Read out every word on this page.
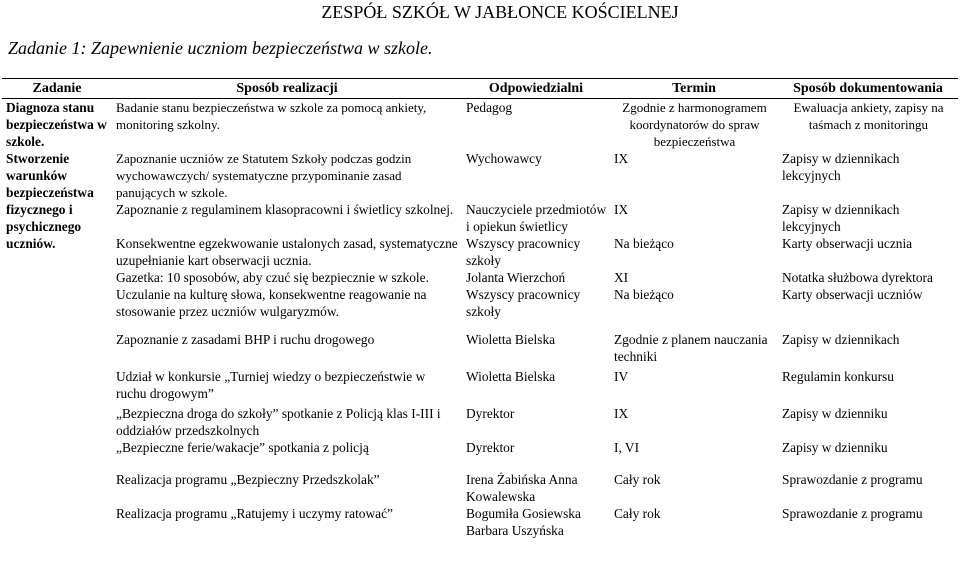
ZESPÓŁ SZKÓŁ W JABŁONCE KOŚCIELNEJ
Zadanie 1: Zapewnienie uczniom bezpieczeństwa w szkole.
Zadanie	Sposób realizacji	Odpowiedzialni	Termin	Sposób dokumentowania
Diagnoza stanu bezpieczeństwa w szkole.	Badanie stanu bezpieczeństwa w szkole za pomocą ankiety, monitoring szkolny.	Pedagog	Zgodnie z harmonogramem koordynatorów do spraw bezpieczeństwa	Ewaluacja ankiety, zapisy na taśmach z monitoringu
Stworzenie warunków bezpieczeństwa fizycznego i psychicznego uczniów.	Zapoznanie uczniów ze Statutem Szkoły podczas godzin wychowawczych/ systematyczne przypominanie zasad panujących w szkole.	Wychowawcy	IX	Zapisy w dziennikach lekcyjnych
	Zapoznanie z regulaminem klasopracowni i świetlicy szkolnej.	Nauczyciele przedmiotów i opiekun świetlicy	IX	Zapisy w dziennikach lekcyjnych
	Konsekwentne egzekwowanie ustalonych zasad, systematyczne uzupełnianie kart obserwacji ucznia.	Wszyscy pracownicy szkoły	Na bieżąco	Karty obserwacji ucznia
	Gazetka: 10 sposobów, aby czuć się bezpiecznie w szkole.	Jolanta Wierzchoń	XI	Notatka służbowa dyrektora
	Uczulanie na kulturę słowa, konsekwentne reagowanie na stosowanie przez uczniów wulgaryzmów.	Wszyscy pracownicy szkoły	Na bieżąco	Karty obserwacji uczniów

	Zapoznanie z zasadami BHP i ruchu drogowego	Wioletta Bielska	Zgodnie z planem nauczania techniki	Zapisy w dziennikach
	Udział w konkursie „Turniej wiedzy o bezpieczeństwie w ruchu drogowym”	Wioletta Bielska	IV	Regulamin konkursu
	„Bezpieczna droga do szkoły” spotkanie z Policją klas I-III i oddziałów przedszkolnych	Dyrektor	IX	Zapisy w dzienniku
	„Bezpieczne ferie/wakacje” spotkania z policją	Dyrektor	I, VI	Zapisy w dzienniku

	Realizacja programu „Bezpieczny Przedszkolak”	Irena Żabińska Anna Kowalewska	Cały rok	Sprawozdanie z programu
	Realizacja programu „Ratujemy i uczymy ratować”	Bogumiła Gosiewska Barbara Uszyńska	Cały rok	Sprawozdanie z programu
